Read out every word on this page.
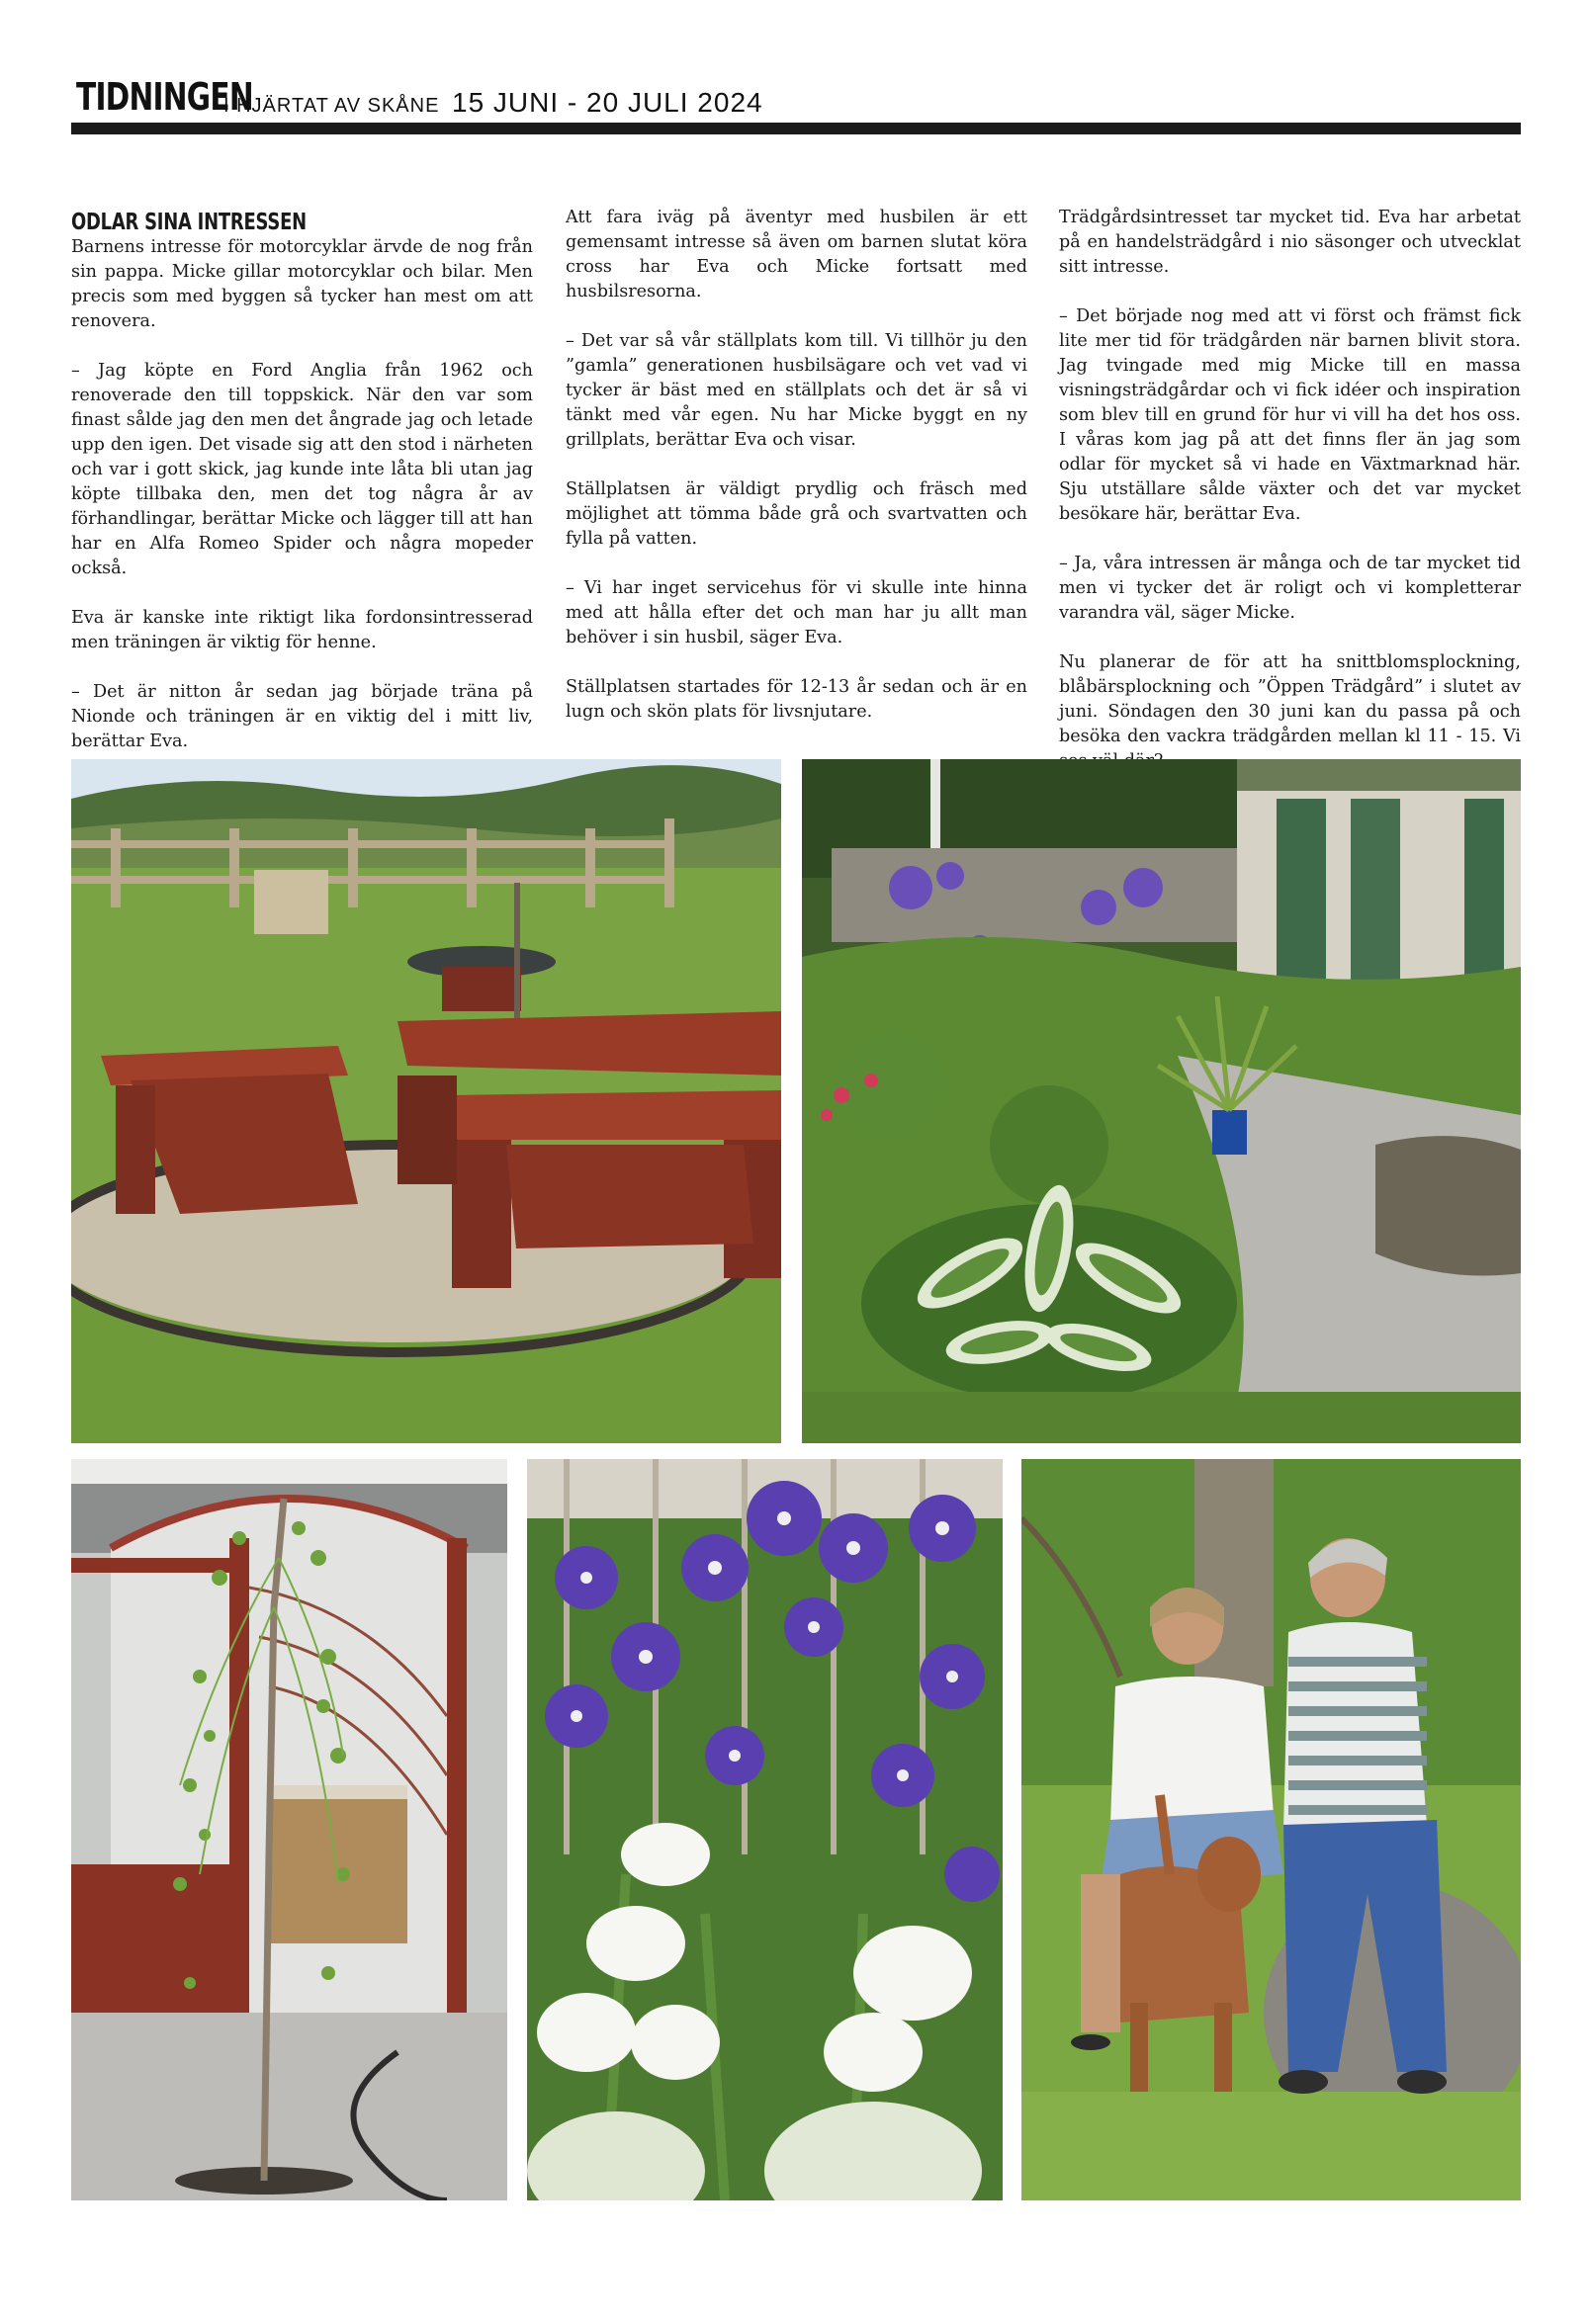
TIDNINGEN
I HJÄRTAT AV SKÅNE 15 JUNI - 20 JULI 2024
ODLAR SINA INTRESSEN

Barnens intresse för motorcyklar ärvde de nog från sin pappa. Micke gillar motorcyklar och bilar. Men precis som med byggen så tycker han mest om att renovera.

– Jag köpte en Ford Anglia från 1962 och renoverade den till toppskick. När den var som finast sålde jag den men det ångrade jag och letade upp den igen. Det visade sig att den stod i närheten och var i gott skick, jag kunde inte låta bli utan jag köpte tillbaka den, men det tog några år av förhandlingar, berättar Micke och lägger till att han har en Alfa Romeo Spider och några mopeder också.

Eva är kanske inte riktigt lika fordonsintresserad men träningen är viktig för henne.

– Det är nitton år sedan jag började träna på Nionde och träningen är en viktig del i mitt liv, berättar Eva.

Att fara iväg på äventyr med husbilen är ett gemensamt intresse så även om barnen slutat köra cross har Eva och Micke fortsatt med husbilsresorna.

– Det var så vår ställplats kom till. Vi tillhör ju den ”gamla” generationen husbilsägare och vet vad vi tycker är bäst med en ställplats och det är så vi tänkt med vår egen. Nu har Micke byggt en ny grillplats, berättar Eva och visar.

Ställplatsen är väldigt prydlig och fräsch med möjlighet att tömma både grå och svartvatten och fylla på vatten.

– Vi har inget servicehus för vi skulle inte hinna med att hålla efter det och man har ju allt man behöver i sin husbil, säger Eva.

Ställplatsen startades för 12-13 år sedan och är en lugn och skön plats för livsnjutare.

Trädgårdsintresset tar mycket tid. Eva har arbetat på en handelsträdgård i nio säsonger och utvecklat sitt intresse.

– Det började nog med att vi först och främst fick lite mer tid för trädgården när barnen blivit stora. Jag tvingade med mig Micke till en massa visningsträdgårdar och vi fick idéer och inspiration som blev till en grund för hur vi vill ha det hos oss. I våras kom jag på att det finns fler än jag som odlar för mycket så vi hade en Växtmarknad här. Sju utställare sålde växter och det var mycket besökare här, berättar Eva.

– Ja, våra intressen är många och de tar mycket tid men vi tycker det är roligt och vi kompletterar varandra väl, säger Micke.

Nu planerar de för att ha snittblomsplockning, blåbärsplockning och ”Öppen Trädgård” i slutet av juni. Söndagen den 30 juni kan du passa på och besöka den vackra trädgården mellan kl 11 - 15. Vi
